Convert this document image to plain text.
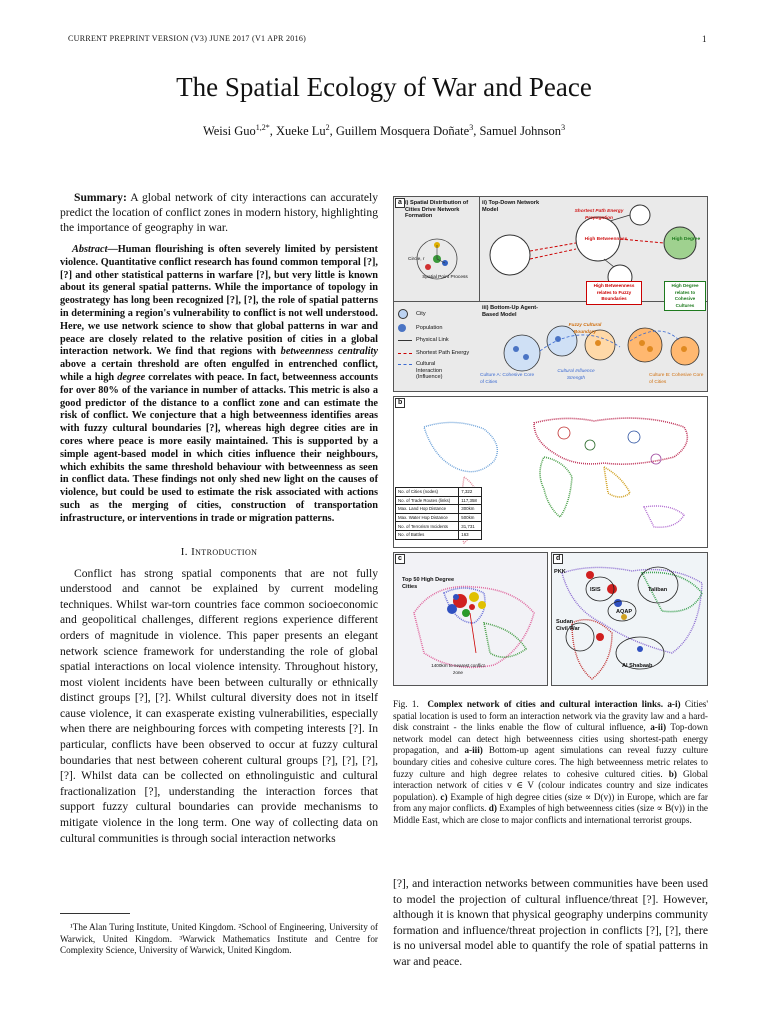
CURRENT PREPRINT VERSION (V3) JUNE 2017 (V1 APR 2016)	1
The Spatial Ecology of War and Peace
Weisi Guo$^{1,2*}$, Xueke Lu$^2$, Guillem Mosquera Doñate$^3$, Samuel Johnson$^3$

Summary: A global network of city interactions can accurately predict the location of conflict zones in modern history, highlighting the importance of geography in war.

Abstract—Human flourishing is often severely limited by persistent violence. Quantitative conflict research has found common temporal [?], [?] and other statistical patterns in warfare [?], but very little is known about its general spatial patterns. While the importance of topology in geostrategy has long been recognized [?], [?], the role of spatial patterns in determining a region's vulnerability to conflict is not well understood. Here, we use network science to show that global patterns in war and peace are closely related to the relative position of cities in a global interaction network. We find that regions with betweenness centrality above a certain threshold are often engulfed in entrenched conflict, while a high degree correlates with peace. In fact, betweenness accounts for over 80% of the variance in number of attacks. This metric is also a good predictor of the distance to a conflict zone and can estimate the risk of conflict. We conjecture that a high betweenness identifies areas with fuzzy cultural boundaries [?], whereas high degree cities are in cores where peace is more easily maintained. This is supported by a simple agent-based model in which cities influence their neighbours, which exhibits the same threshold behaviour with betweenness as seen in conflict data. These findings not only shed new light on the causes of violence, but could be used to estimate the risk associated with actions such as the merging of cities, construction of transportation infrastructure, or interventions in trade or migration patterns.

I. Introduction

Conflict has strong spatial components that are not fully understood and cannot be explained by current modeling techniques. Whilst war-torn countries face common socioeconomic and geopolitical challenges, different regions experience different orders of magnitude in violence. This paper presents an elegant network science framework for understanding the role of global spatial interactions on local violence intensity. Throughout history, most violent incidents have been between culturally or ethnically distinct groups [?], [?]. Whilst cultural diversity does not in itself cause violence, it can exasperate existing vulnerabilities, especially when there are neighbouring forces with competing interests [?]. In particular, conflicts have been observed to occur at fuzzy cultural boundaries that nest between coherent cultural groups [?], [?], [?], [?]. Whilst data can be collected on ethnolinguistic and cultural fractionalization [?], understanding the interaction forces that support fuzzy cultural boundaries can provide mechanisms to mitigate violence in the long term. One way of collecting data on cultural communities is through social interaction networks

¹The Alan Turing Institute, United Kingdom. ²School of Engineering, University of Warwick, United Kingdom. ³Warwick Mathematics Institute and Centre for Complexity Science, University of Warwick, United Kingdom.

a i) Spatial Distribution of Cities Drive Network Formation
ii) Top-Down Network Model
Circle, r
Spatial Point Process
Shortest Path Energy Propagation
High Betweenness	High Degree
High Betweenness relates to Fuzzy Boundaries
High Degree relates to Cohesive Cultures
iii) Bottom-Up Agent-Based Model
Fuzzy Cultural Boundary
Culture A: Cohesive Core of Cities
Cultural Influence Strength
Culture B: Cohesive Core of Cities
City
Population
Physical Link
Shortest Path Energy
Cultural Interaction (Influence)
b
No. of Cities (nodes)	7,322
No. of Trade Routes (links)	117,358
Max. Land Hop Distance	300km
Max. Water Hop Distance	500km
No. of Terrorism Incidents	31,731
No. of Battles	163
c
Top 50 High Degree Cities
1400km to nearest conflict zone
d
PKK
ISIS	Taliban
AQAP
Sudan Civil War
Al Shabaab

Fig. 1. Complex network of cities and cultural interaction links. a-i) Cities' spatial location is used to form an interaction network via the gravity law and a hard-disk constraint - the links enable the flow of cultural influence, a-ii) Top-down network model can detect high betweenness cities using shortest-path energy propagation, and a-iii) Bottom-up agent simulations can reveal fuzzy culture boundary cities and cohesive culture cores. The high betweenness metric relates to fuzzy culture and high degree relates to cohesive cultured cities. b) Global interaction network of cities v ∈ V (colour indicates country and size indicates population). c) Example of high degree cities (size ∝ D(v)) in Europe, which are far from any major conflicts. d) Examples of high betweenness cities (size ∝ B(v)) in the Middle East, which are close to major conflicts and international terrorist groups.

[?], and interaction networks between communities have been used to model the projection of cultural influence/threat [?]. However, although it is known that physical geography underpins community formation and influence/threat projection in conflicts [?], [?], there is no universal model able to quantify the role of spatial patterns in war and peace.
